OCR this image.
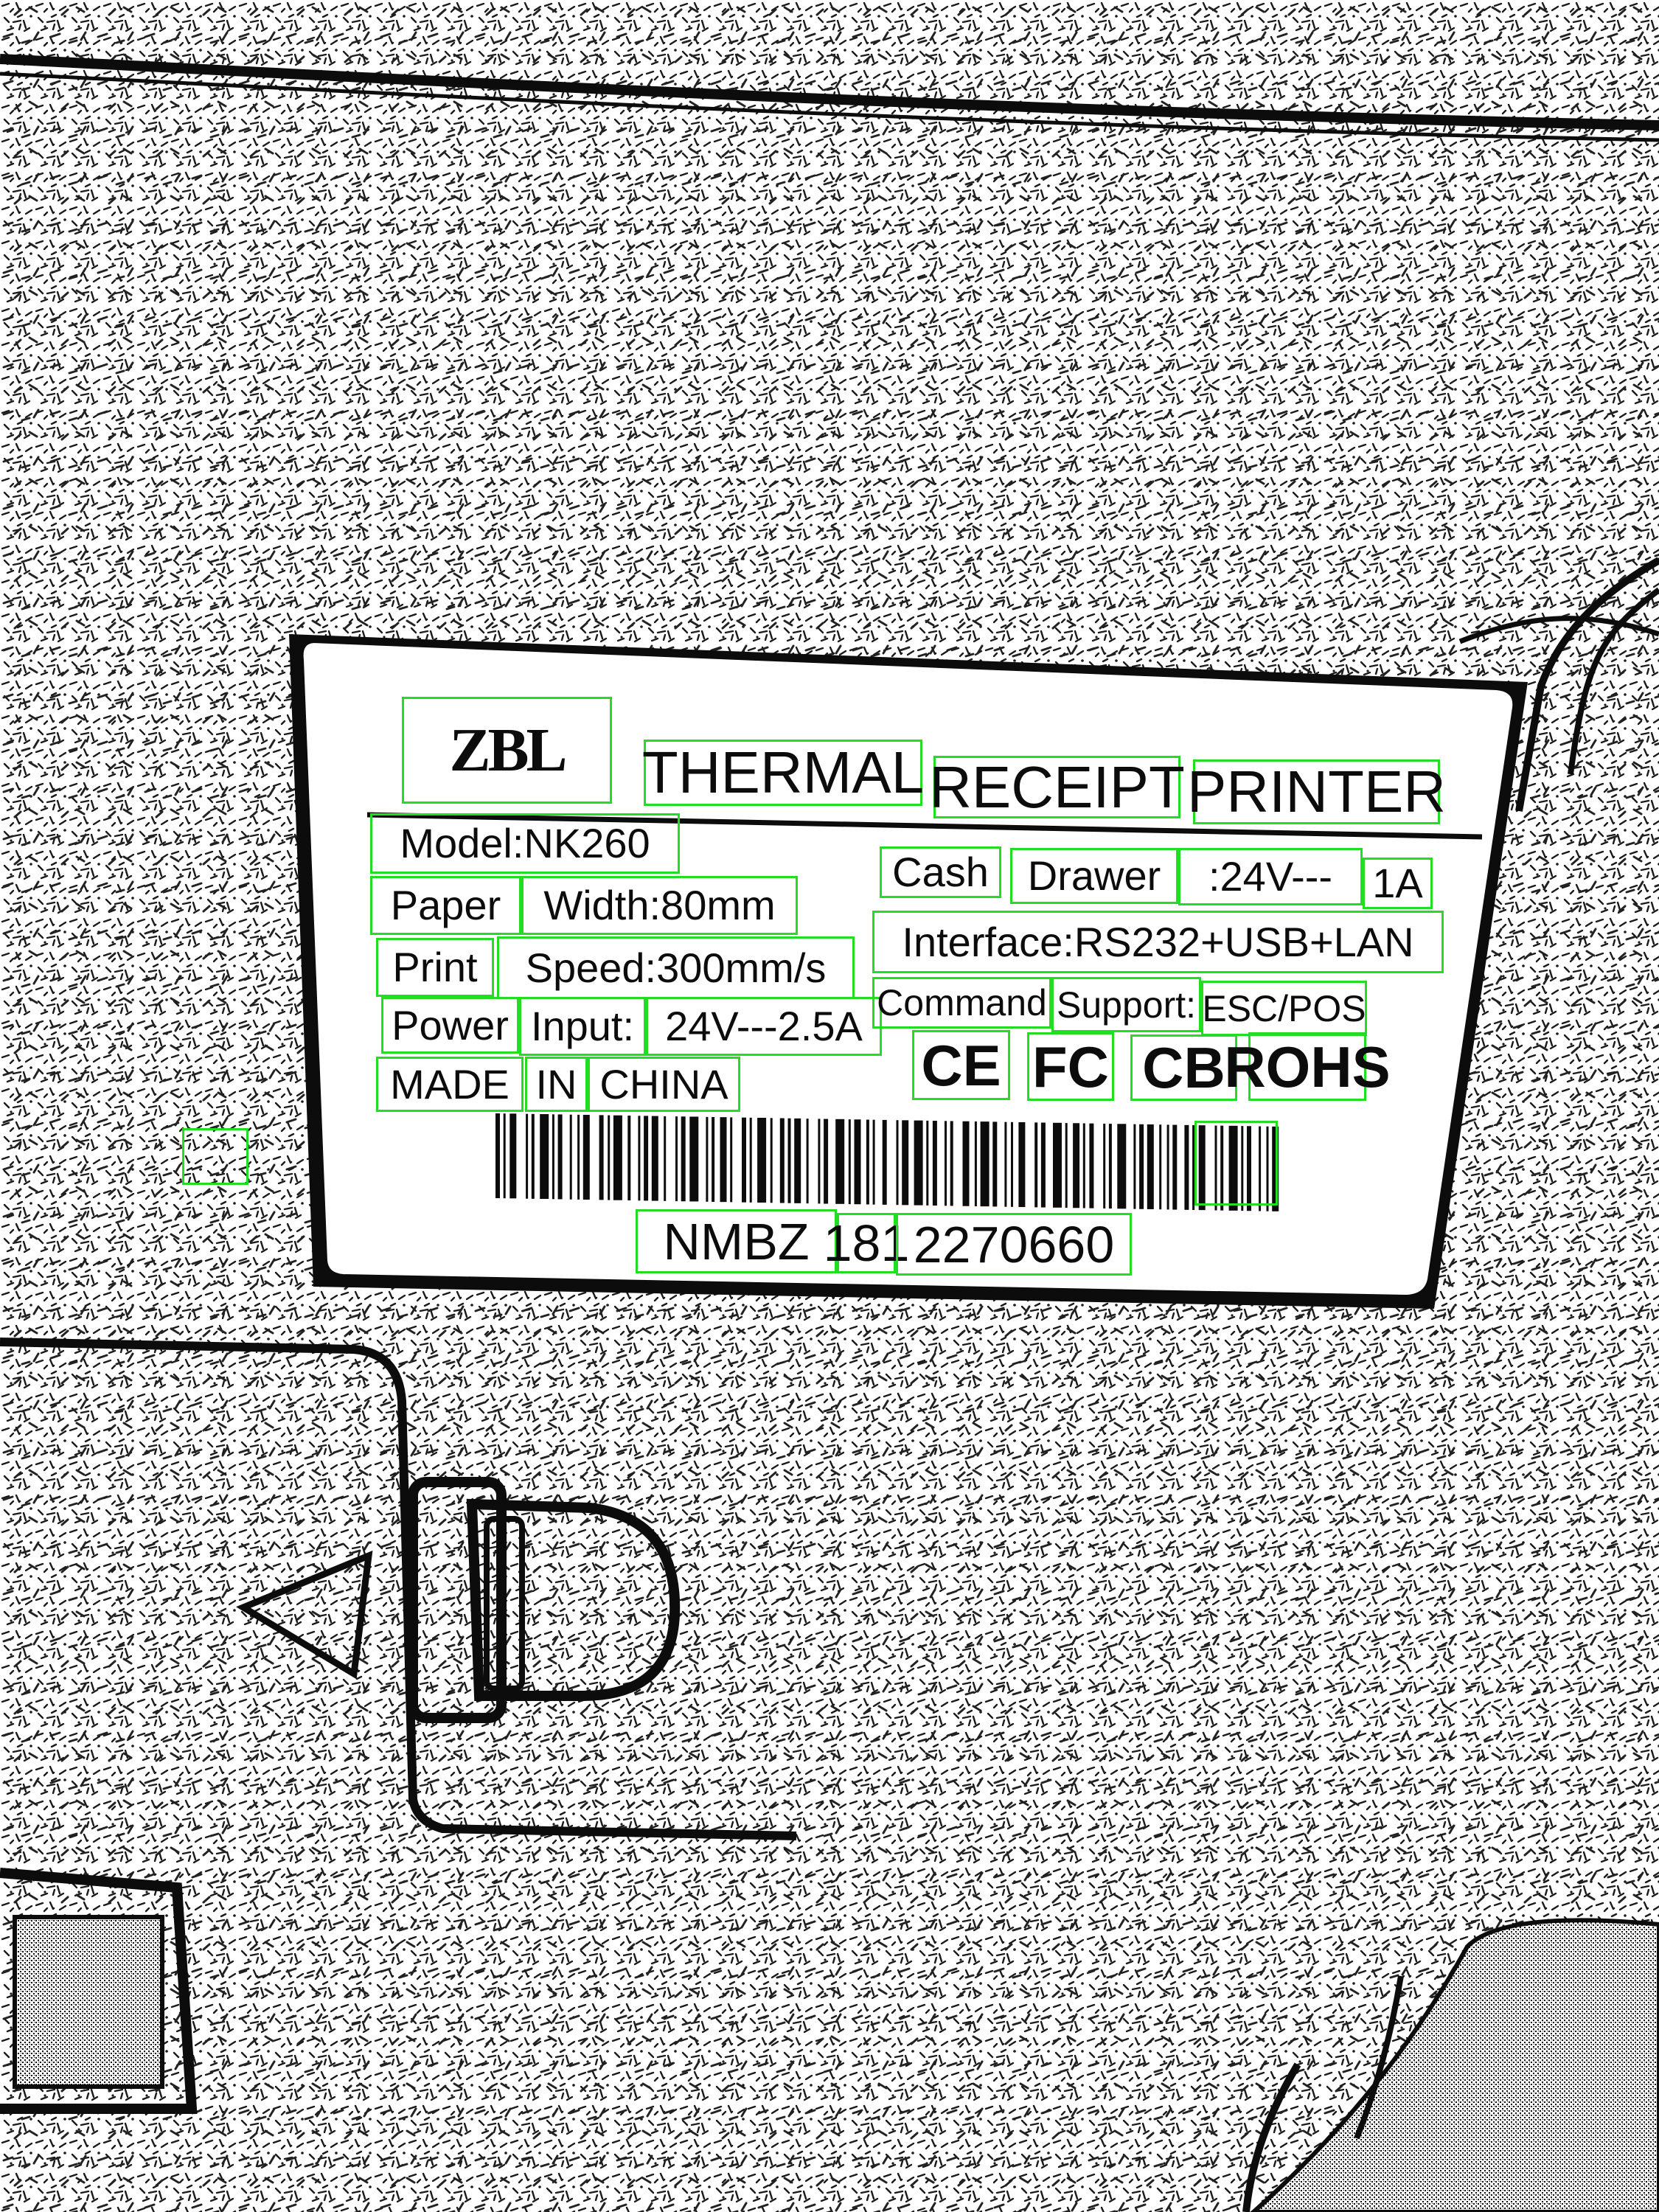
ZBL	THERMAL RECEIPT PRINTER
Model:NK260
Paper	Width:80mm
Print	Speed:300mm/s
Power Input: 24V---2.5A
MADE IN CHINA
Cash Drawer	:24V--- 1A
Interface:RS232+USB+LAN
Command Support: ESC/POS
CE FC CB
ROHS
NMBZ 181 2270660
